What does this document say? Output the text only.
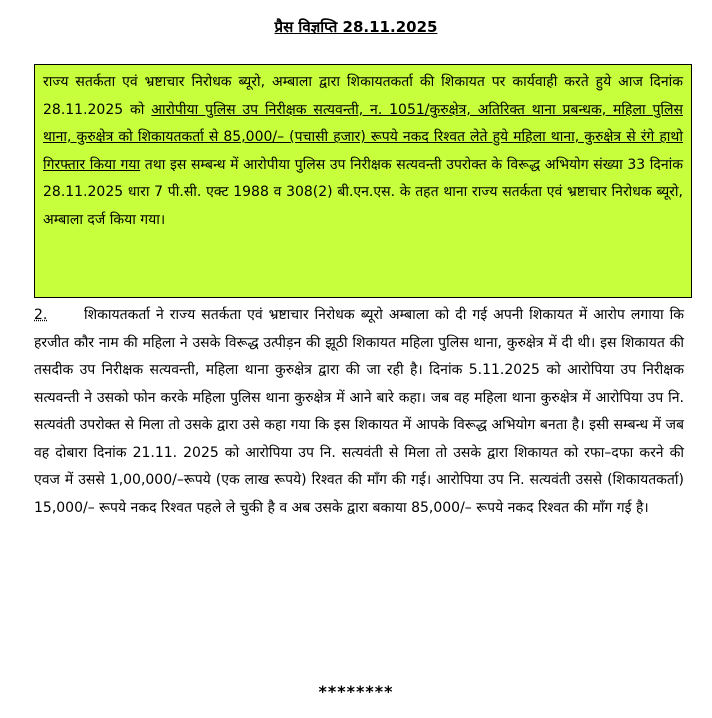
प्रैस विज्ञप्ति 28.11.2025

राज्य सतर्कता एवं भ्रष्टाचार निरोधक ब्यूरो, अम्बाला द्वारा शिकायतकर्ता की शिकायत पर कार्यवाही करते हुये आज दिनांक 28.11.2025 को आरोपीया पुलिस उप निरीक्षक सत्यवन्ती, न. 1051/कुरुक्षेत्र, अतिरिक्त थाना प्रबन्धक, महिला पुलिस थाना, कुरुक्षेत्र को शिकायतकर्ता से 85,000/– (पचासी हजार) रूपये नकद रिश्वत लेते हुये महिला थाना, कुरुक्षेत्र से रंगे हाथो गिरफ्तार किया गया तथा इस सम्बन्ध में आरोपीया पुलिस उप निरीक्षक सत्यवन्ती उपरोक्त के विरूद्ध अभियोग संख्या 33 दिनांक 28.11.2025 धारा 7 पी.सी. एक्ट 1988 व 308(2) बी.एन.एस. के तहत थाना राज्य सतर्कता एवं भ्रष्टाचार निरोधक ब्यूरो, अम्बाला दर्ज किया गया।

2.	शिकायतकर्ता ने राज्य सतर्कता एवं भ्रष्टाचार निरोधक ब्यूरो अम्बाला को दी गई अपनी शिकायत में आरोप लगाया कि हरजीत कौर नाम की महिला ने उसके विरूद्ध उत्पीड़न की झूठी शिकायत महिला पुलिस थाना, कुरुक्षेत्र में दी थी। इस शिकायत की तसदीक उप निरीक्षक सत्यवन्ती, महिला थाना कुरुक्षेत्र द्वारा की जा रही है। दिनांक 5.11.2025 को आरोपिया उप निरीक्षक सत्यवन्ती ने उसको फोन करके महिला पुलिस थाना कुरुक्षेत्र में आने बारे कहा। जब वह महिला थाना कुरुक्षेत्र में आरोपिया उप नि. सत्यवंती उपरोक्त से मिला तो उसके द्वारा उसे कहा गया कि इस शिकायत में आपके विरूद्ध अभियोग बनता है। इसी सम्बन्ध में जब वह दोबारा दिनांक 21.11. 2025 को आरोपिया उप नि. सत्यवंती से मिला तो उसके द्वारा शिकायत को रफा–दफा करने की एवज में उससे 1,00,000/–रूपये (एक लाख रूपये) रिश्वत की माँग की गई। आरोपिया उप नि. सत्यवंती उससे (शिकायतकर्ता) 15,000/– रूपये नकद रिश्वत पहले ले चुकी है व अब उसके द्वारा बकाया 85,000/– रूपये नकद रिश्वत की माँग गई है।

********
